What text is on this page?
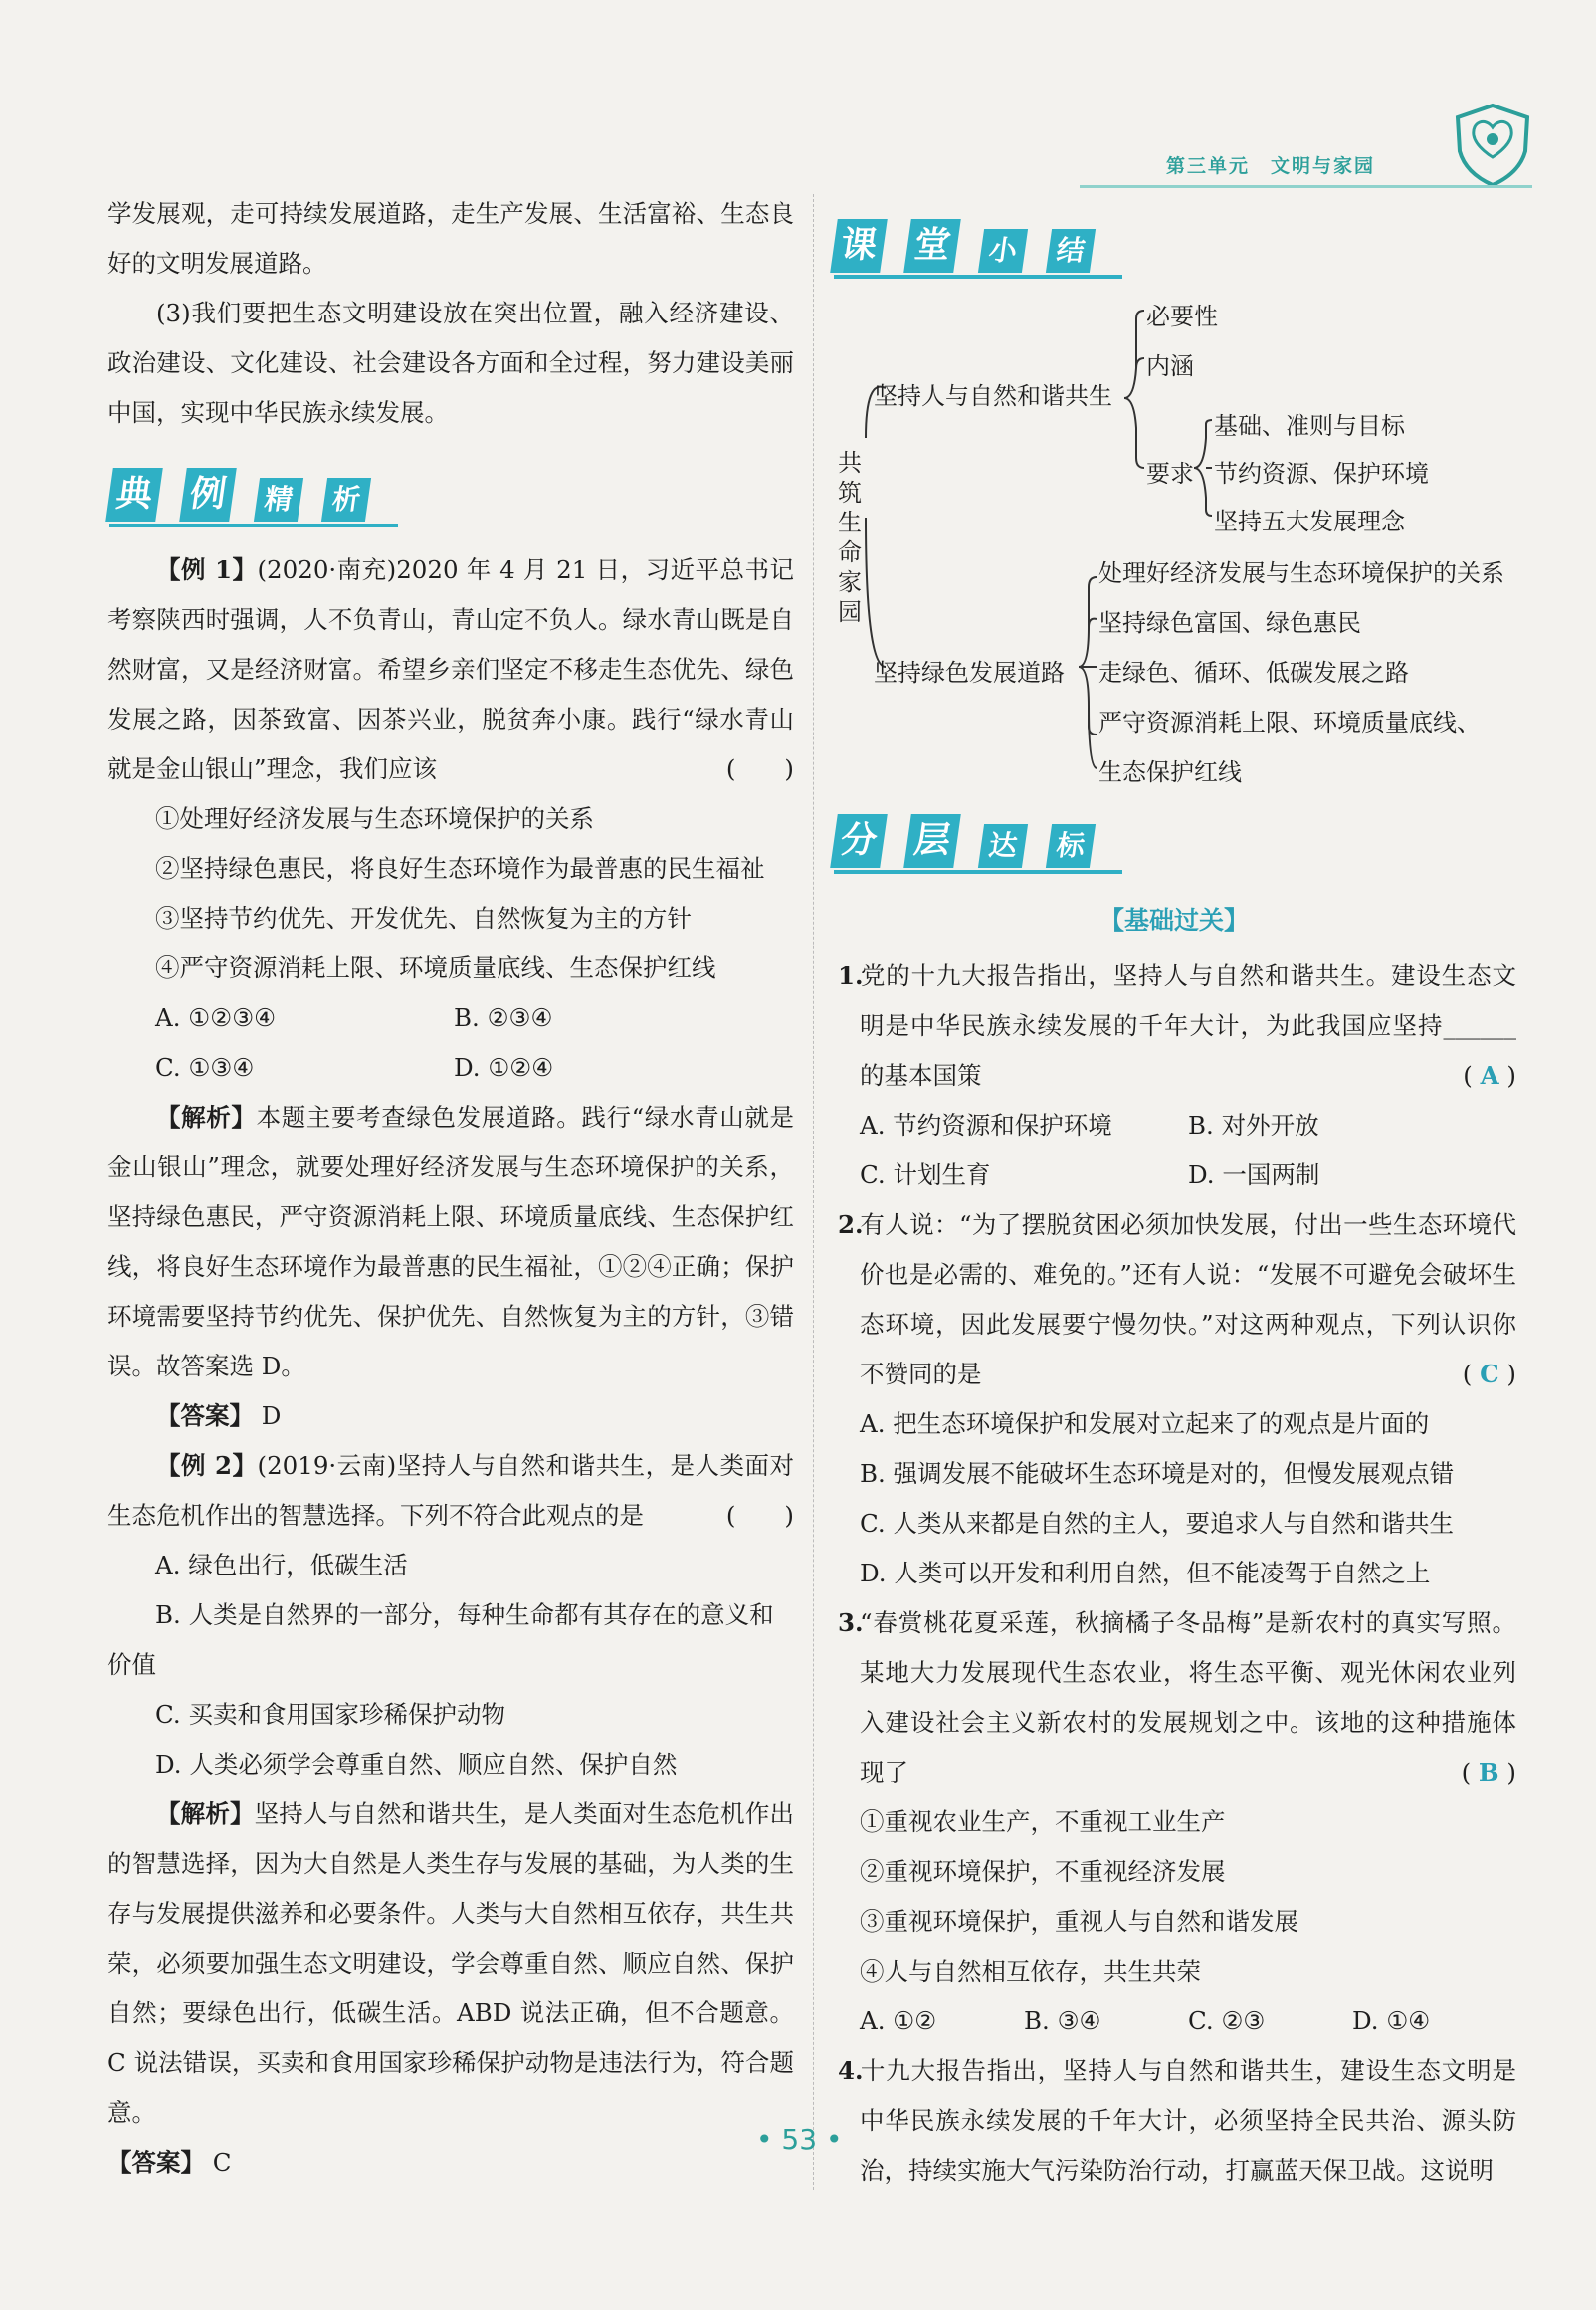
第三单元　文明与家园

学发展观，走可持续发展道路，走生产发展、生活富裕、生态良好的文明发展道路。

(3)我们要把生态文明建设放在突出位置，融入经济建设、政治建设、文化建设、社会建设各方面和全过程，努力建设美丽中国，实现中华民族永续发展。

典 例	精	析

【例 1】(2020·南充)2020 年 4 月 21 日，习近平总书记考察陕西时强调，人不负青山，青山定不负人。绿水青山既是自然财富，又是经济财富。希望乡亲们坚定不移走生态优先、绿色发展之路，因茶致富、因茶兴业，脱贫奔小康。践行“绿水青山就是金山银山”理念，我们应该	(　　)

①处理好经济发展与生态环境保护的关系
②坚持绿色惠民，将良好生态环境作为最普惠的民生福祉
③坚持节约优先、开发优先、自然恢复为主的方针
④严守资源消耗上限、环境质量底线、生态保护红线
A. ①②③④	B. ②③④
C. ①③④	D. ①②④

【解析】本题主要考查绿色发展道路。践行“绿水青山就是金山银山”理念，就要处理好经济发展与生态环境保护的关系，坚持绿色惠民，严守资源消耗上限、环境质量底线、生态保护红线，将良好生态环境作为最普惠的民生福祉，①②④正确；保护环境需要坚持节约优先、保护优先、自然恢复为主的方针，③错误。故答案选 D。

【答案】 D

【例 2】(2019·云南)坚持人与自然和谐共生，是人类面对生态危机作出的智慧选择。下列不符合此观点的是	(　　)

A. 绿色出行，低碳生活
B. 人类是自然界的一部分，每种生命都有其存在的意义和价值
C. 买卖和食用国家珍稀保护动物
D. 人类必须学会尊重自然、顺应自然、保护自然

【解析】坚持人与自然和谐共生，是人类面对生态危机作出的智慧选择，因为大自然是人类生存与发展的基础，为人类的生存与发展提供滋养和必要条件。人类与大自然相互依存，共生共荣，必须要加强生态文明建设，学会尊重自然、顺应自然、保护自然；要绿色出行，低碳生活。ABD 说法正确，但不合题意。C 说法错误，买卖和食用国家珍稀保护动物是违法行为，符合题意。

【答案】 C

课 堂	小	结
共筑生命家园
坚持人与自然和谐共生
必要性
内涵
要求
基础、准则与目标
节约资源、保护环境
坚持五大发展理念
坚持绿色发展道路
处理好经济发展与生态环境保护的关系
坚持绿色富国、绿色惠民
走绿色、循环、低碳发展之路
严守资源消耗上限、环境质量底线、
生态保护红线
分 层	达	标
【基础过关】

1.党的十九大报告指出，坚持人与自然和谐共生。建设生态文明是中华民族永续发展的千年大计，为此我国应坚持______的基本国策	( A )

A. 节约资源和保护环境	B. 对外开放
C. 计划生育	D. 一国两制

2.有人说：“为了摆脱贫困必须加快发展，付出一些生态环境代价也是必需的、难免的。”还有人说：“发展不可避免会破坏生态环境，因此发展要宁慢勿快。”对这两种观点，下列认识你不赞同的是	( C )

A. 把生态环境保护和发展对立起来了的观点是片面的
B. 强调发展不能破坏生态环境是对的，但慢发展观点错
C. 人类从来都是自然的主人，要追求人与自然和谐共生
D. 人类可以开发和利用自然，但不能凌驾于自然之上

3.“春赏桃花夏采莲，秋摘橘子冬品梅”是新农村的真实写照。某地大力发展现代生态农业，将生态平衡、观光休闲农业列入建设社会主义新农村的发展规划之中。该地的这种措施体现了	( B )

①重视农业生产，不重视工业生产
②重视环境保护，不重视经济发展
③重视环境保护，重视人与自然和谐发展
④人与自然相互依存，共生共荣
A. ①②	B. ③④	C. ②③	D. ①④

4.十九大报告指出，坚持人与自然和谐共生，建设生态文明是中华民族永续发展的千年大计，必须坚持全民共治、源头防治，持续实施大气污染防治行动，打赢蓝天保卫战。这说明

• 53 •
